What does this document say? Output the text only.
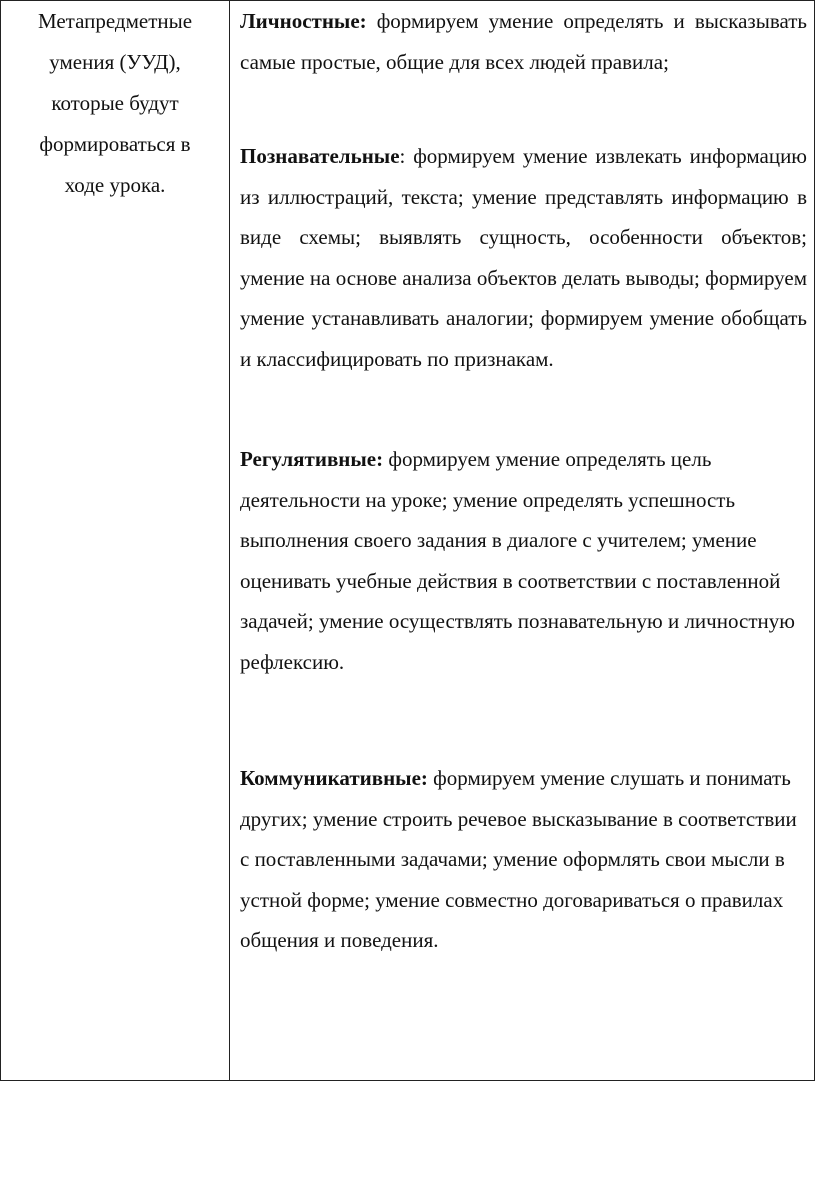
Метапредметные
умения (УУД),
которые будут
формироваться в
ходе урока.

Личностные: формируем умение определять и высказывать самые простые, общие для всех людей правила;

Познавательные: формируем умение извлекать информацию из иллюстраций, текста; умение представлять информацию в виде схемы; выявлять сущность, особенности объектов; умение на основе анализа объектов делать выводы; формируем умение устанавливать аналогии; формируем умение обобщать и классифицировать по признакам.

Регулятивные: формируем умение определять цель деятельности на уроке; умение определять успешность выполнения своего задания в диалоге с учителем; умение оценивать учебные действия в соответствии с поставленной задачей; умение осуществлять познавательную и личностную рефлексию.

Коммуникативные: формируем умение слушать и понимать других; умение строить речевое высказывание в соответствии с поставленными задачами; умение оформлять свои мысли в устной форме; умение совместно договариваться о правилах общения и поведения.
